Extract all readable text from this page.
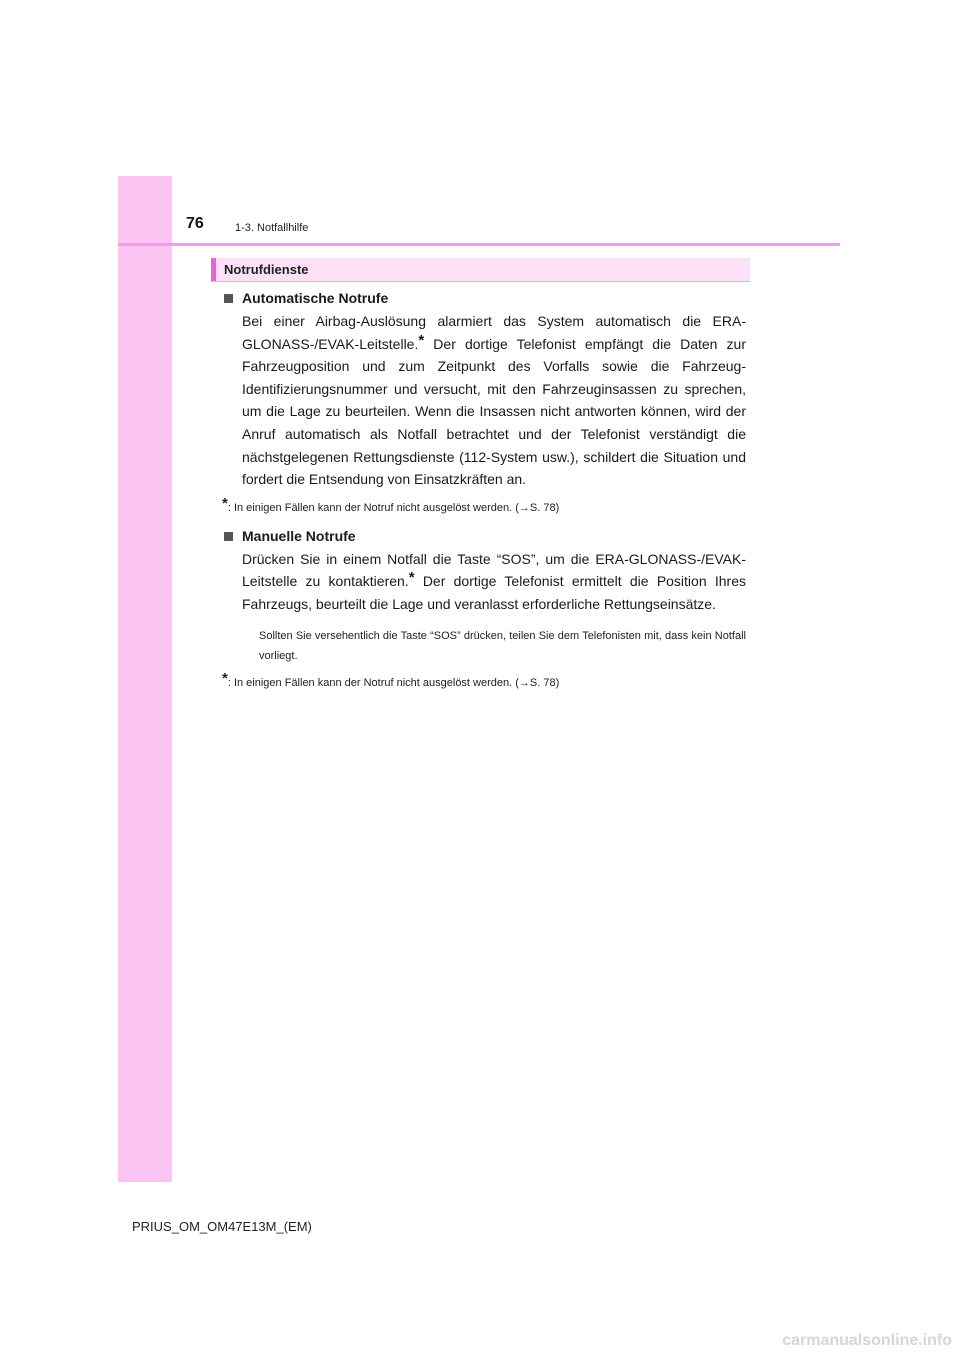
76	1-3. Notfallhilfe
Notrufdienste
Automatische Notrufe

Bei einer Airbag-Auslösung alarmiert das System automatisch die ERA-GLONASS-/EVAK-Leitstelle.* Der dortige Telefonist empfängt die Daten zur Fahrzeugposition und zum Zeitpunkt des Vorfalls sowie die Fahrzeug-Identifizierungsnummer und versucht, mit den Fahrzeuginsassen zu sprechen, um die Lage zu beurteilen. Wenn die Insassen nicht antworten können, wird der Anruf automatisch als Notfall betrachtet und der Telefonist verständigt die nächstgelegenen Rettungsdienste (112-System usw.), schildert die Situation und fordert die Entsendung von Einsatzkräften an.

*: In einigen Fällen kann der Notruf nicht ausgelöst werden. (→S. 78)

Manuelle Notrufe

Drücken Sie in einem Notfall die Taste “SOS”, um die ERA-GLONASS-/EVAK-Leitstelle zu kontaktieren.* Der dortige Telefonist ermittelt die Position Ihres Fahrzeugs, beurteilt die Lage und veranlasst erforderliche Rettungseinsätze.

Sollten Sie versehentlich die Taste “SOS” drücken, teilen Sie dem Telefonisten mit, dass kein Notfall vorliegt.

*: In einigen Fällen kann der Notruf nicht ausgelöst werden. (→S. 78)

PRIUS_OM_OM47E13M_(EM)
carmanualsonline.info
